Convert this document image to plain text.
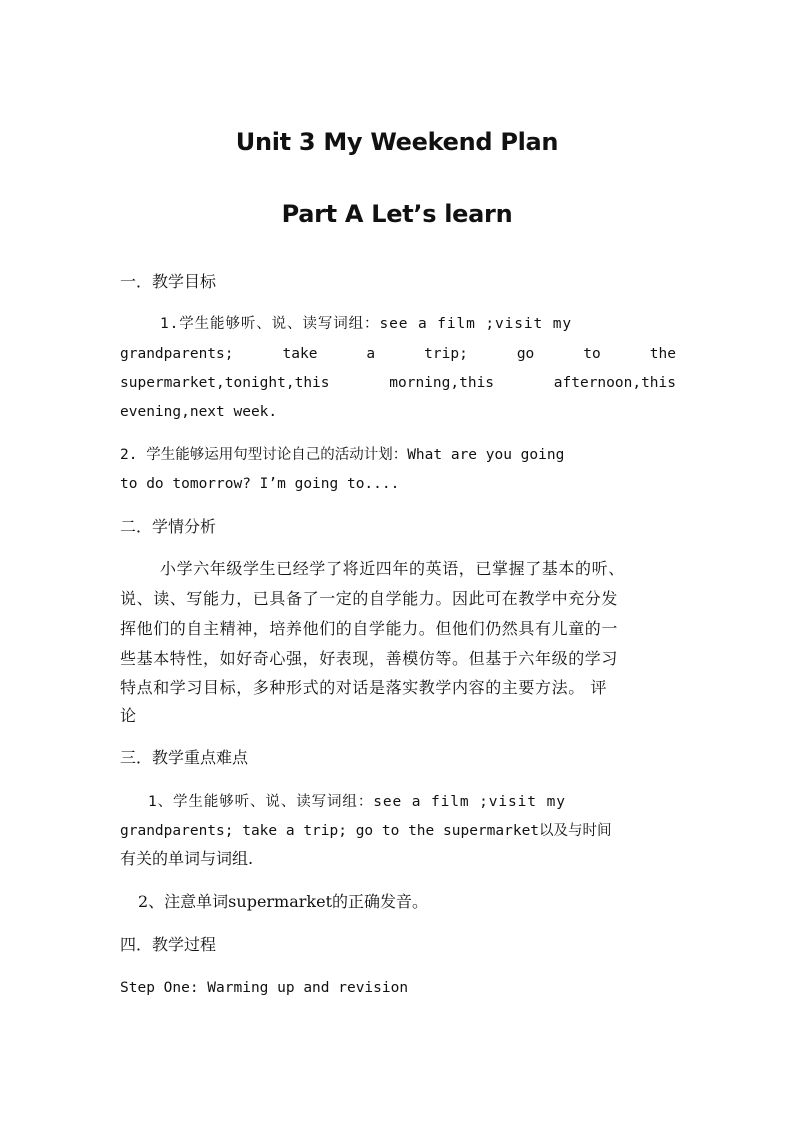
Unit 3 My Weekend Plan
Part A Let’s learn
一．教学目标
1.学生能够听、说、读写词组：see a film ;visit my
grandparents;	take	a	trip;	go	to	the
supermarket,tonight,this	morning,this	afternoon,this
evening,next week.
2. 学生能够运用句型讨论自己的活动计划：What are you going
to do tomorrow? I’m going to....
二．学情分析
小学六年级学生已经学了将近四年的英语，已掌握了基本的听、
说、读、写能力，已具备了一定的自学能力。因此可在教学中充分发
挥他们的自主精神，培养他们的自学能力。但他们仍然具有儿童的一
些基本特性，如好奇心强，好表现，善模仿等。但基于六年级的学习
特点和学习目标，多种形式的对话是落实教学内容的主要方法。 评
论
三．教学重点难点
1、学生能够听、说、读写词组：see a film ;visit my
grandparents; take a trip; go to the supermarket以及与时间
有关的单词与词组.
2、注意单词supermarket的正确发音。
四．教学过程
Step One: Warming up and revision
